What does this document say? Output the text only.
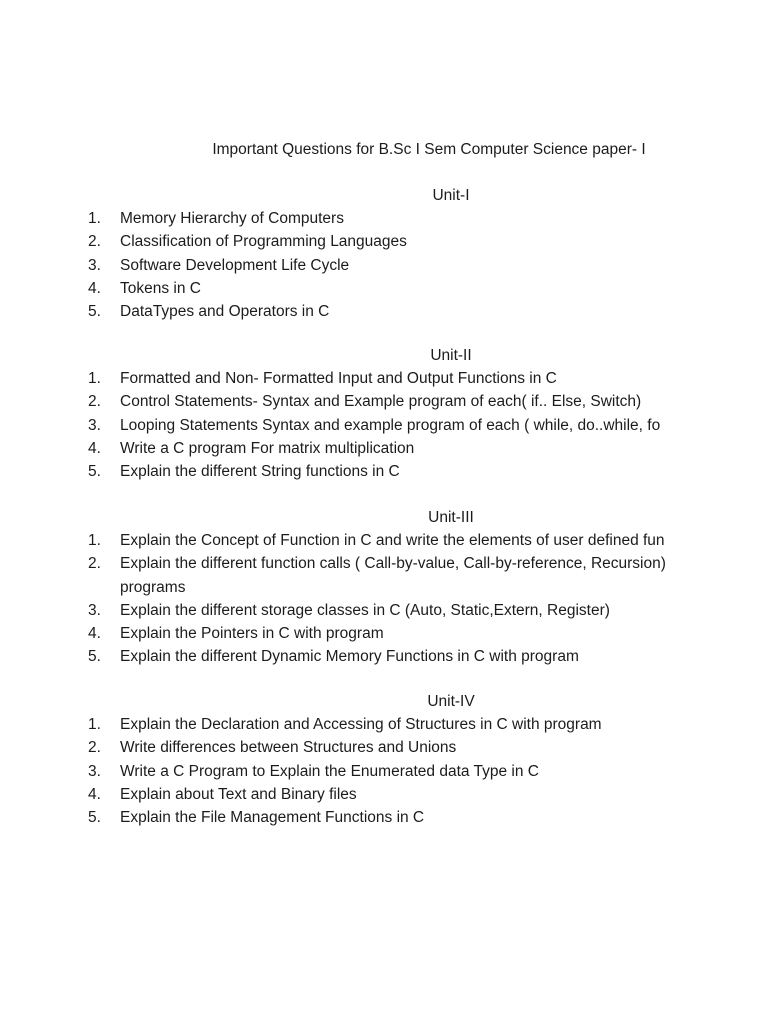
Important Questions for B.Sc I Sem Computer Science paper- I
Unit-I
1.	Memory Hierarchy of Computers
2.	Classification of Programming Languages
3.	Software Development Life Cycle
4.	Tokens in C
5.	DataTypes and Operators in C
Unit-II
1.	Formatted and Non- Formatted Input and Output Functions in C
2.	Control Statements- Syntax and Example program of each( if.. Else, Switch)
3.	Looping Statements Syntax and example program of each ( while, do..while, fo
4.	Write a C program For matrix multiplication
5.	Explain the different String functions in C
Unit-III
1.	Explain the Concept of Function in C and write the elements of user defined fun
2.	Explain the different function calls ( Call-by-value, Call-by-reference, Recursion)
programs
3.	Explain the different storage classes in C (Auto, Static,Extern, Register)
4.	Explain the Pointers in C with program
5.	Explain the different Dynamic Memory Functions in C with program
Unit-IV
1.	Explain the Declaration and Accessing of Structures in C with program
2.	Write differences between Structures and Unions
3.	Write a C Program to Explain the Enumerated data Type in C
4.	Explain about Text and Binary files
5.	Explain the File Management Functions in C
